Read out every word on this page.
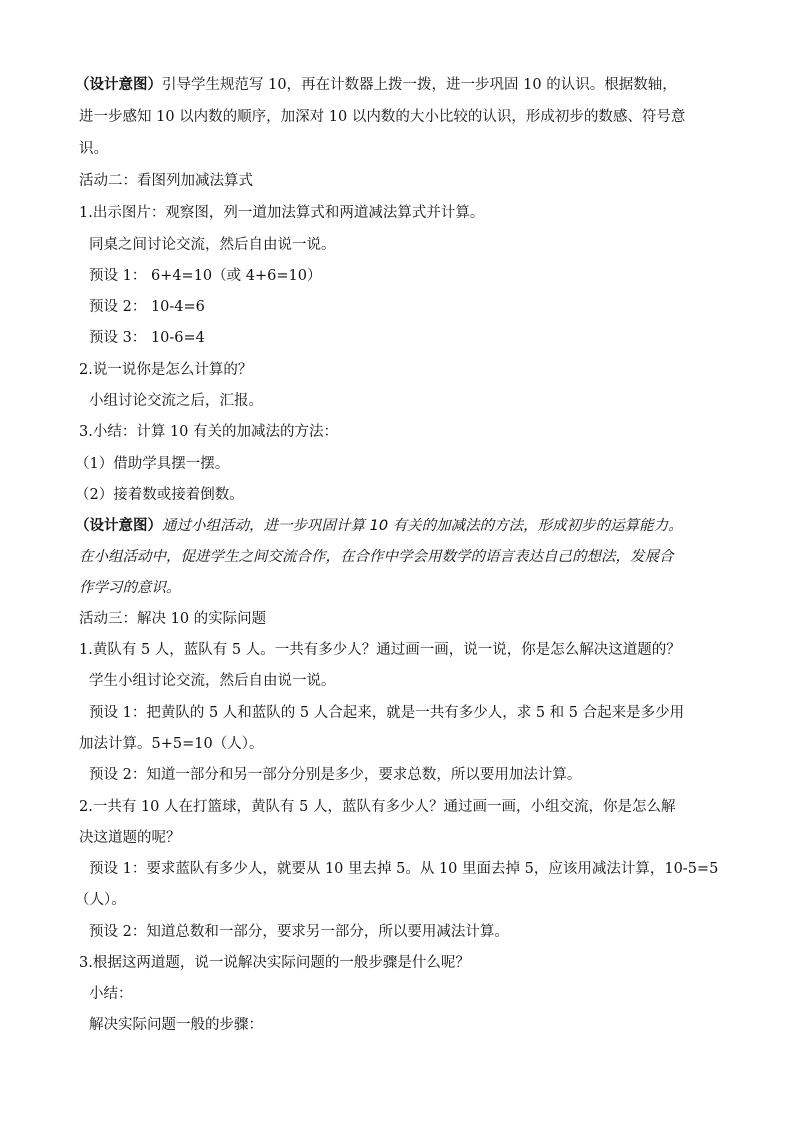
（设计意图）引导学生规范写 10，再在计数器上拨一拨，进一步巩固 10 的认识。根据数轴，
进一步感知 10 以内数的顺序，加深对 10 以内数的大小比较的认识，形成初步的数感、符号意
识。
活动二：看图列加减法算式
1.出示图片：观察图，列一道加法算式和两道减法算式并计算。
同桌之间讨论交流，然后自由说一说。
预设 1： 6+4=10（或 4+6=10）
预设 2： 10-4=6
预设 3： 10-6=4
2.说一说你是怎么计算的？
小组讨论交流之后，汇报。
3.小结：计算 10 有关的加减法的方法：
（1）借助学具摆一摆。
（2）接着数或接着倒数。
（设计意图）通过小组活动，进一步巩固计算 10 有关的加减法的方法，形成初步的运算能力。
在小组活动中，促进学生之间交流合作，在合作中学会用数学的语言表达自己的想法，发展合
作学习的意识。
活动三：解决 10 的实际问题
1.黄队有 5 人，蓝队有 5 人。一共有多少人？通过画一画，说一说，你是怎么解决这道题的？
学生小组讨论交流，然后自由说一说。
预设 1：把黄队的 5 人和蓝队的 5 人合起来，就是一共有多少人，求 5 和 5 合起来是多少用
加法计算。5+5=10（人）。
预设 2：知道一部分和另一部分分别是多少，要求总数，所以要用加法计算。
2.一共有 10 人在打篮球，黄队有 5 人，蓝队有多少人？通过画一画，小组交流，你是怎么解
决这道题的呢？
预设 1：要求蓝队有多少人，就要从 10 里去掉 5。从 10 里面去掉 5，应该用减法计算，10-5=5
（人）。
预设 2：知道总数和一部分，要求另一部分，所以要用减法计算。
3.根据这两道题，说一说解决实际问题的一般步骤是什么呢？
小结：
解决实际问题一般的步骤：
